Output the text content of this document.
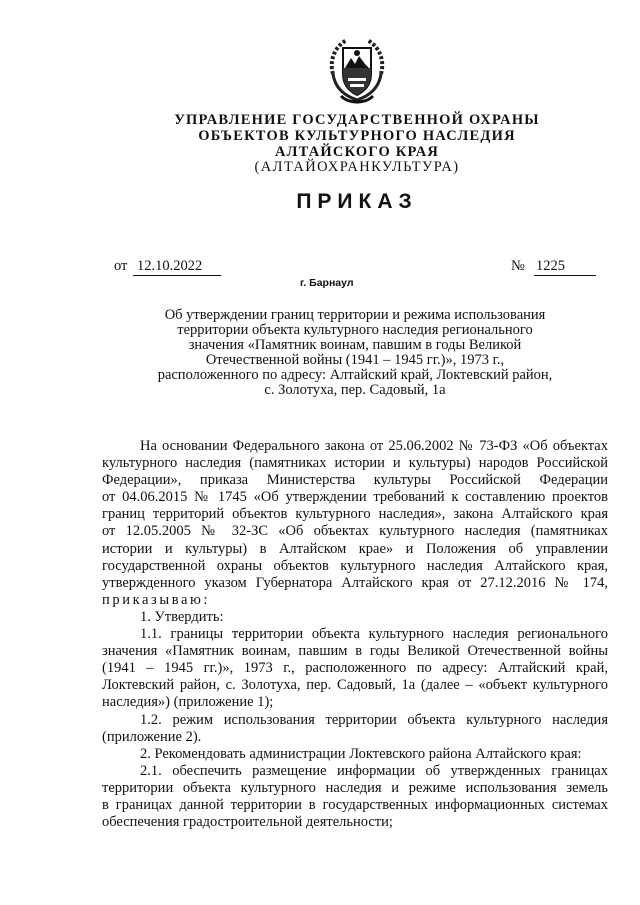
УПРАВЛЕНИЕ ГОСУДАРСТВЕННОЙ ОХРАНЫ
ОБЪЕКТОВ КУЛЬТУРНОГО НАСЛЕДИЯ
АЛТАЙСКОГО КРАЯ
(АЛТАЙОХРАНКУЛЬТУРА)
ПРИКАЗ
от 12.10.2022	№ 1225
г. Барнаул
Об утверждении границ территории и режима использования
территории объекта культурного наследия регионального
значения «Памятник воинам, павшим в годы Великой
Отечественной войны (1941 – 1945 гг.)», 1973 г.,
расположенного по адресу: Алтайский край, Локтевский район,
с. Золотуха, пер. Садовый, 1а
На основании Федерального закона от 25.06.2002 № 73-ФЗ «Об объектах
культурного наследия (памятниках истории и культуры) народов Российской
Федерации», приказа Министерства культуры Российской Федерации
от 04.06.2015 № 1745 «Об утверждении требований к составлению проектов
границ территорий объектов культурного наследия», закона Алтайского края
от 12.05.2005 № 32-ЗС «Об объектах культурного наследия (памятниках
истории и культуры) в Алтайском крае» и Положения об управлении
государственной охраны объектов культурного наследия Алтайского края,
утвержденного указом Губернатора Алтайского края от 27.12.2016 № 174,
приказываю:
1. Утвердить:
1.1. границы территории объекта культурного наследия регионального
значения «Памятник воинам, павшим в годы Великой Отечественной войны
(1941 – 1945 гг.)», 1973 г., расположенного по адресу: Алтайский край,
Локтевский район, с. Золотуха, пер. Садовый, 1а (далее – «объект культурного
наследия») (приложение 1);
1.2. режим использования территории объекта культурного наследия
(приложение 2).
2. Рекомендовать администрации Локтевского района Алтайского края:
2.1. обеспечить размещение информации об утвержденных границах
территории объекта культурного наследия и режиме использования земель
в границах данной территории в государственных информационных системах
обеспечения градостроительной деятельности;
